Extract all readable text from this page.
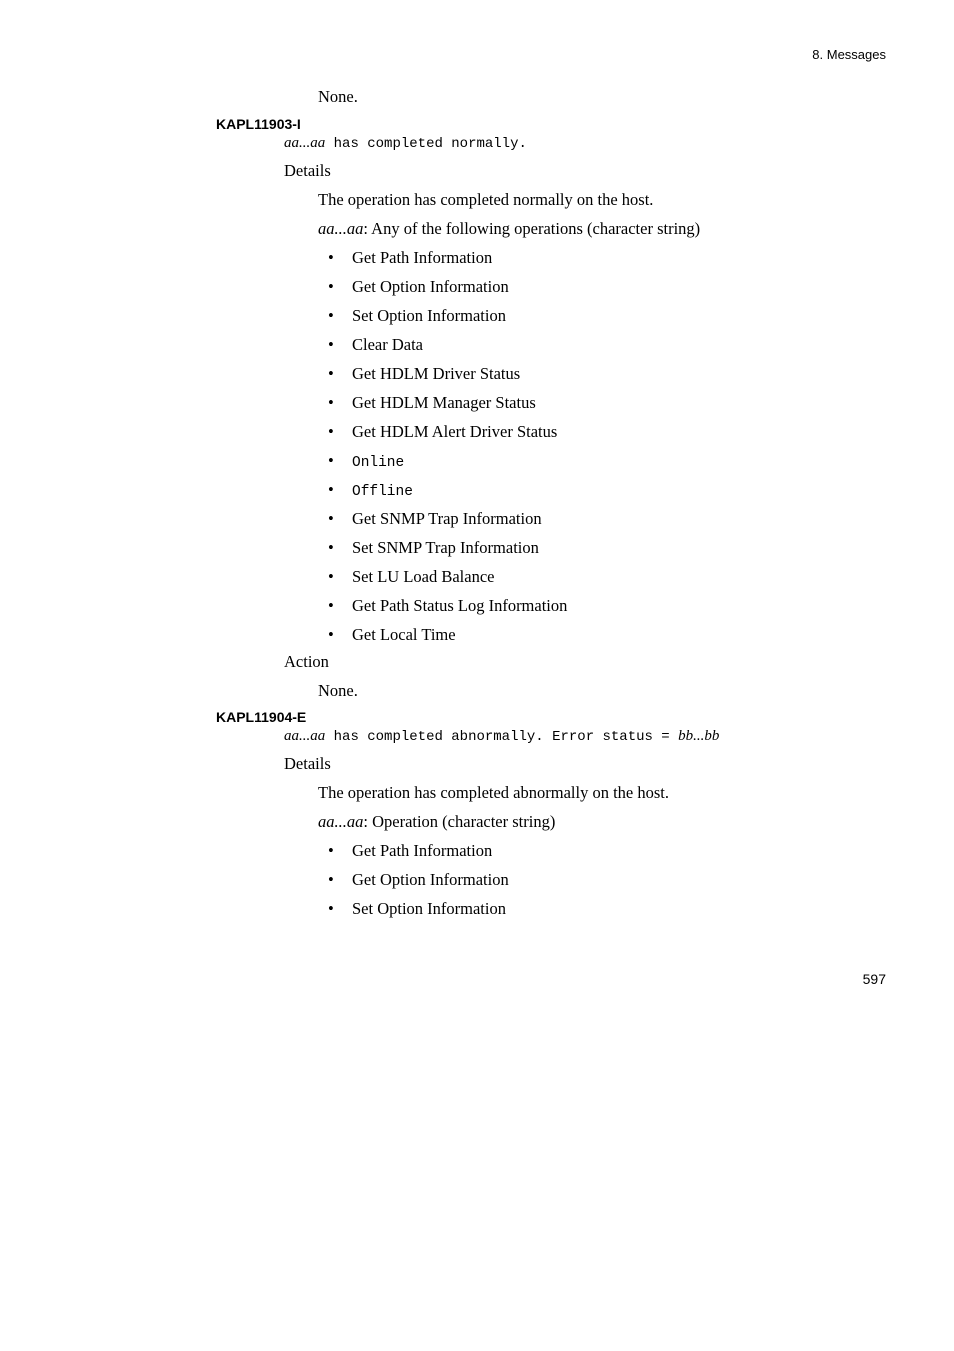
8. Messages
None.
KAPL11903-I
aa...aa has completed normally.
Details
The operation has completed normally on the host.
aa...aa: Any of the following operations (character string)
• Get Path Information
• Get Option Information
• Set Option Information
• Clear Data
• Get HDLM Driver Status
• Get HDLM Manager Status
• Get HDLM Alert Driver Status
• Online
• Offline
• Get SNMP Trap Information
• Set SNMP Trap Information
• Set LU Load Balance
• Get Path Status Log Information
• Get Local Time
Action
None.
KAPL11904-E
aa...aa has completed abnormally. Error status = bb...bb
Details
The operation has completed abnormally on the host.
aa...aa: Operation (character string)
• Get Path Information
• Get Option Information
• Set Option Information
597
